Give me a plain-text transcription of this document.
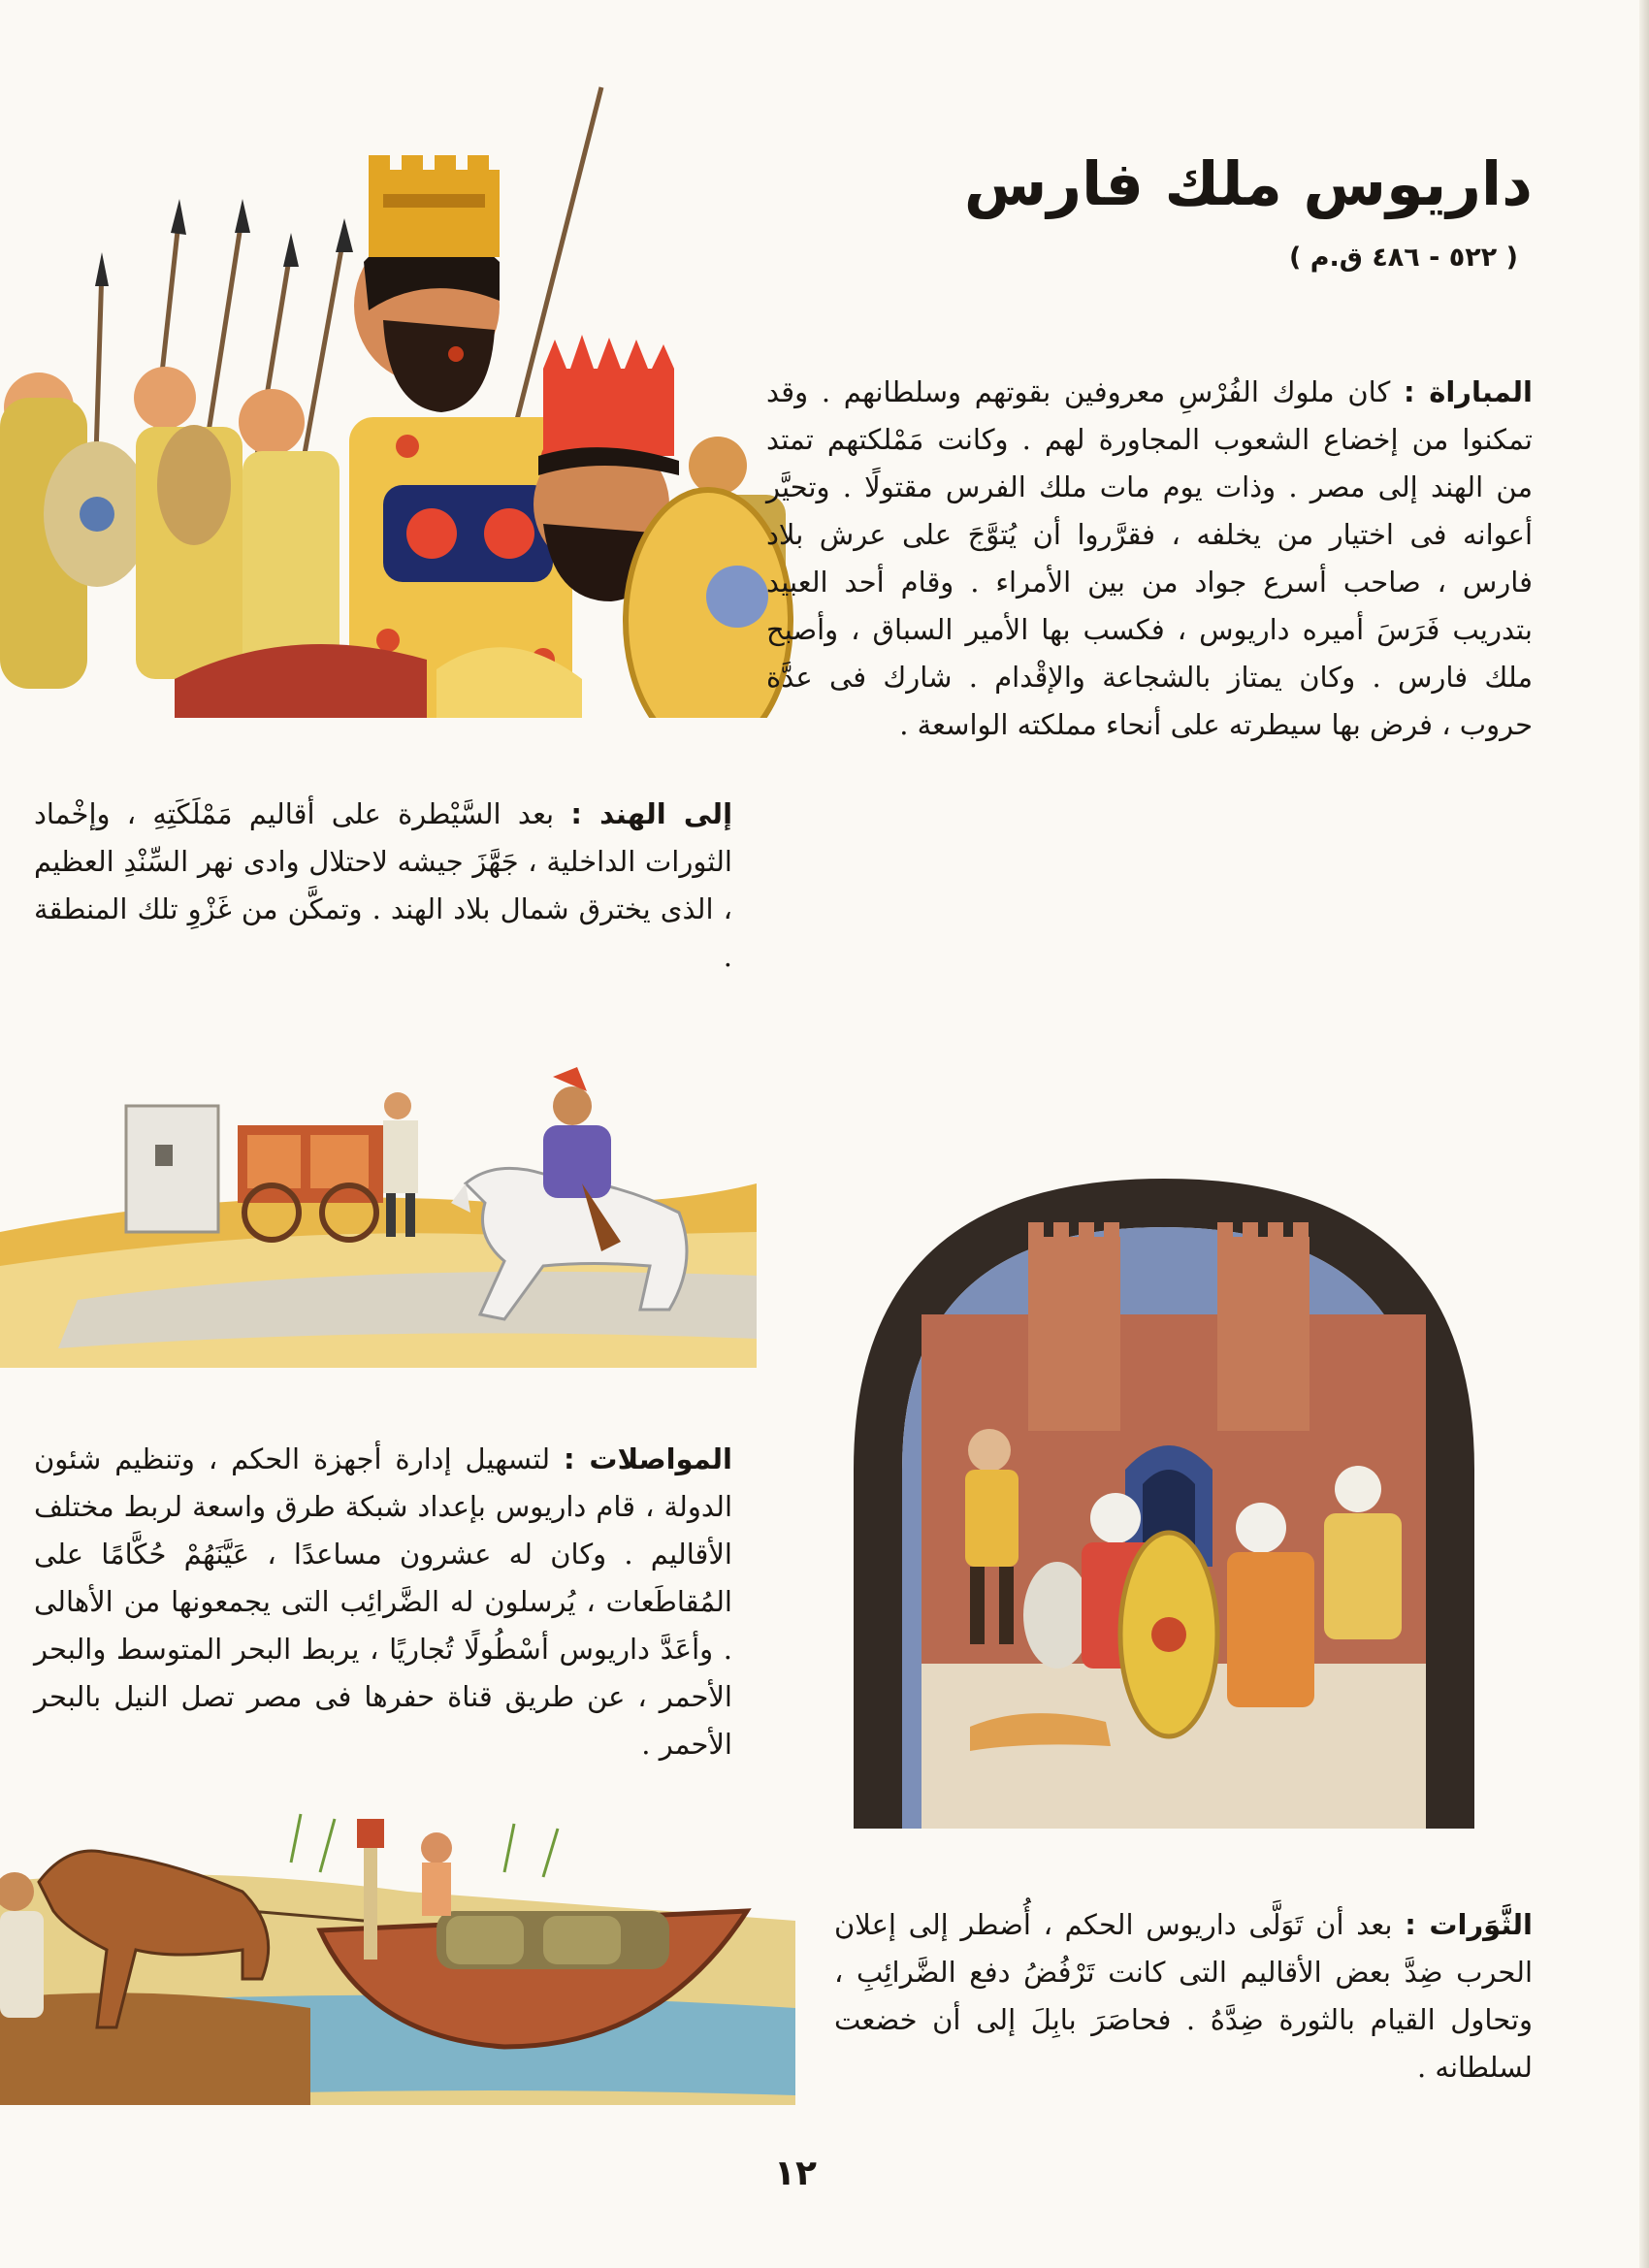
داريوس ملك فارس
( ٥٢٢ - ٤٨٦ ق.م )

المباراة : كان ملوك الفُرْسِ معروفين بقوتهم وسلطانهم . وقد تمكنوا من إخضاع الشعوب المجاورة لهم . وكانت مَمْلكتهم تمتد من الهند إلى مصر . وذات يوم مات ملك الفرس مقتولًا . وتحيَّر أعوانه فى اختيار من يخلفه ، فقرَّروا أن يُتوَّجَ على عرش بلاد فارس ، صاحب أسرع جواد من بين الأمراء . وقام أحد العبيد بتدريب فَرَسَ أميره داريوس ، فكسب بها الأمير السباق ، وأصبح ملك فارس . وكان يمتاز بالشجاعة والإقْدام . شارك فى عدَّة حروب ، فرض بها سيطرته على أنحاء مملكته الواسعة .

إلى الهند : بعد السَّيْطرة على أقاليم مَمْلَكَتِهِ ، وإخْماد الثورات الداخلية ، جَهَّزَ جيشه لاحتلال وادى نهر السِّنْدِ العظيم ، الذى يخترق شمال بلاد الهند . وتمكَّن من غَزْوِ تلك المنطقة .

المواصلات : لتسهيل إدارة أجهزة الحكم ، وتنظيم شئون الدولة ، قام داريوس بإعداد شبكة طرق واسعة لربط مختلف الأقاليم . وكان له عشرون مساعدًا ، عَيَّنَهُمْ حُكَّامًا على المُقاطَعات ، يُرسلون له الضَّرائِب التى يجمعونها من الأهالى . وأعَدَّ داريوس أسْطُولًا تُجاريًا ، يربط البحر المتوسط والبحر الأحمر ، عن طريق قناة حفرها فى مصر تصل النيل بالبحر الأحمر .

الثَّوَرات : بعد أن تَوَلَّى داريوس الحكم ، أُضطر إلى إعلان الحرب ضِدَّ بعض الأقاليم التى كانت تَرْفُضُ دفع الضَّرائِبِ ، وتحاول القيام بالثورة ضِدَّهُ . فحاصَرَ بابِلَ إلى أن خضعت لسلطانه .

١٢
